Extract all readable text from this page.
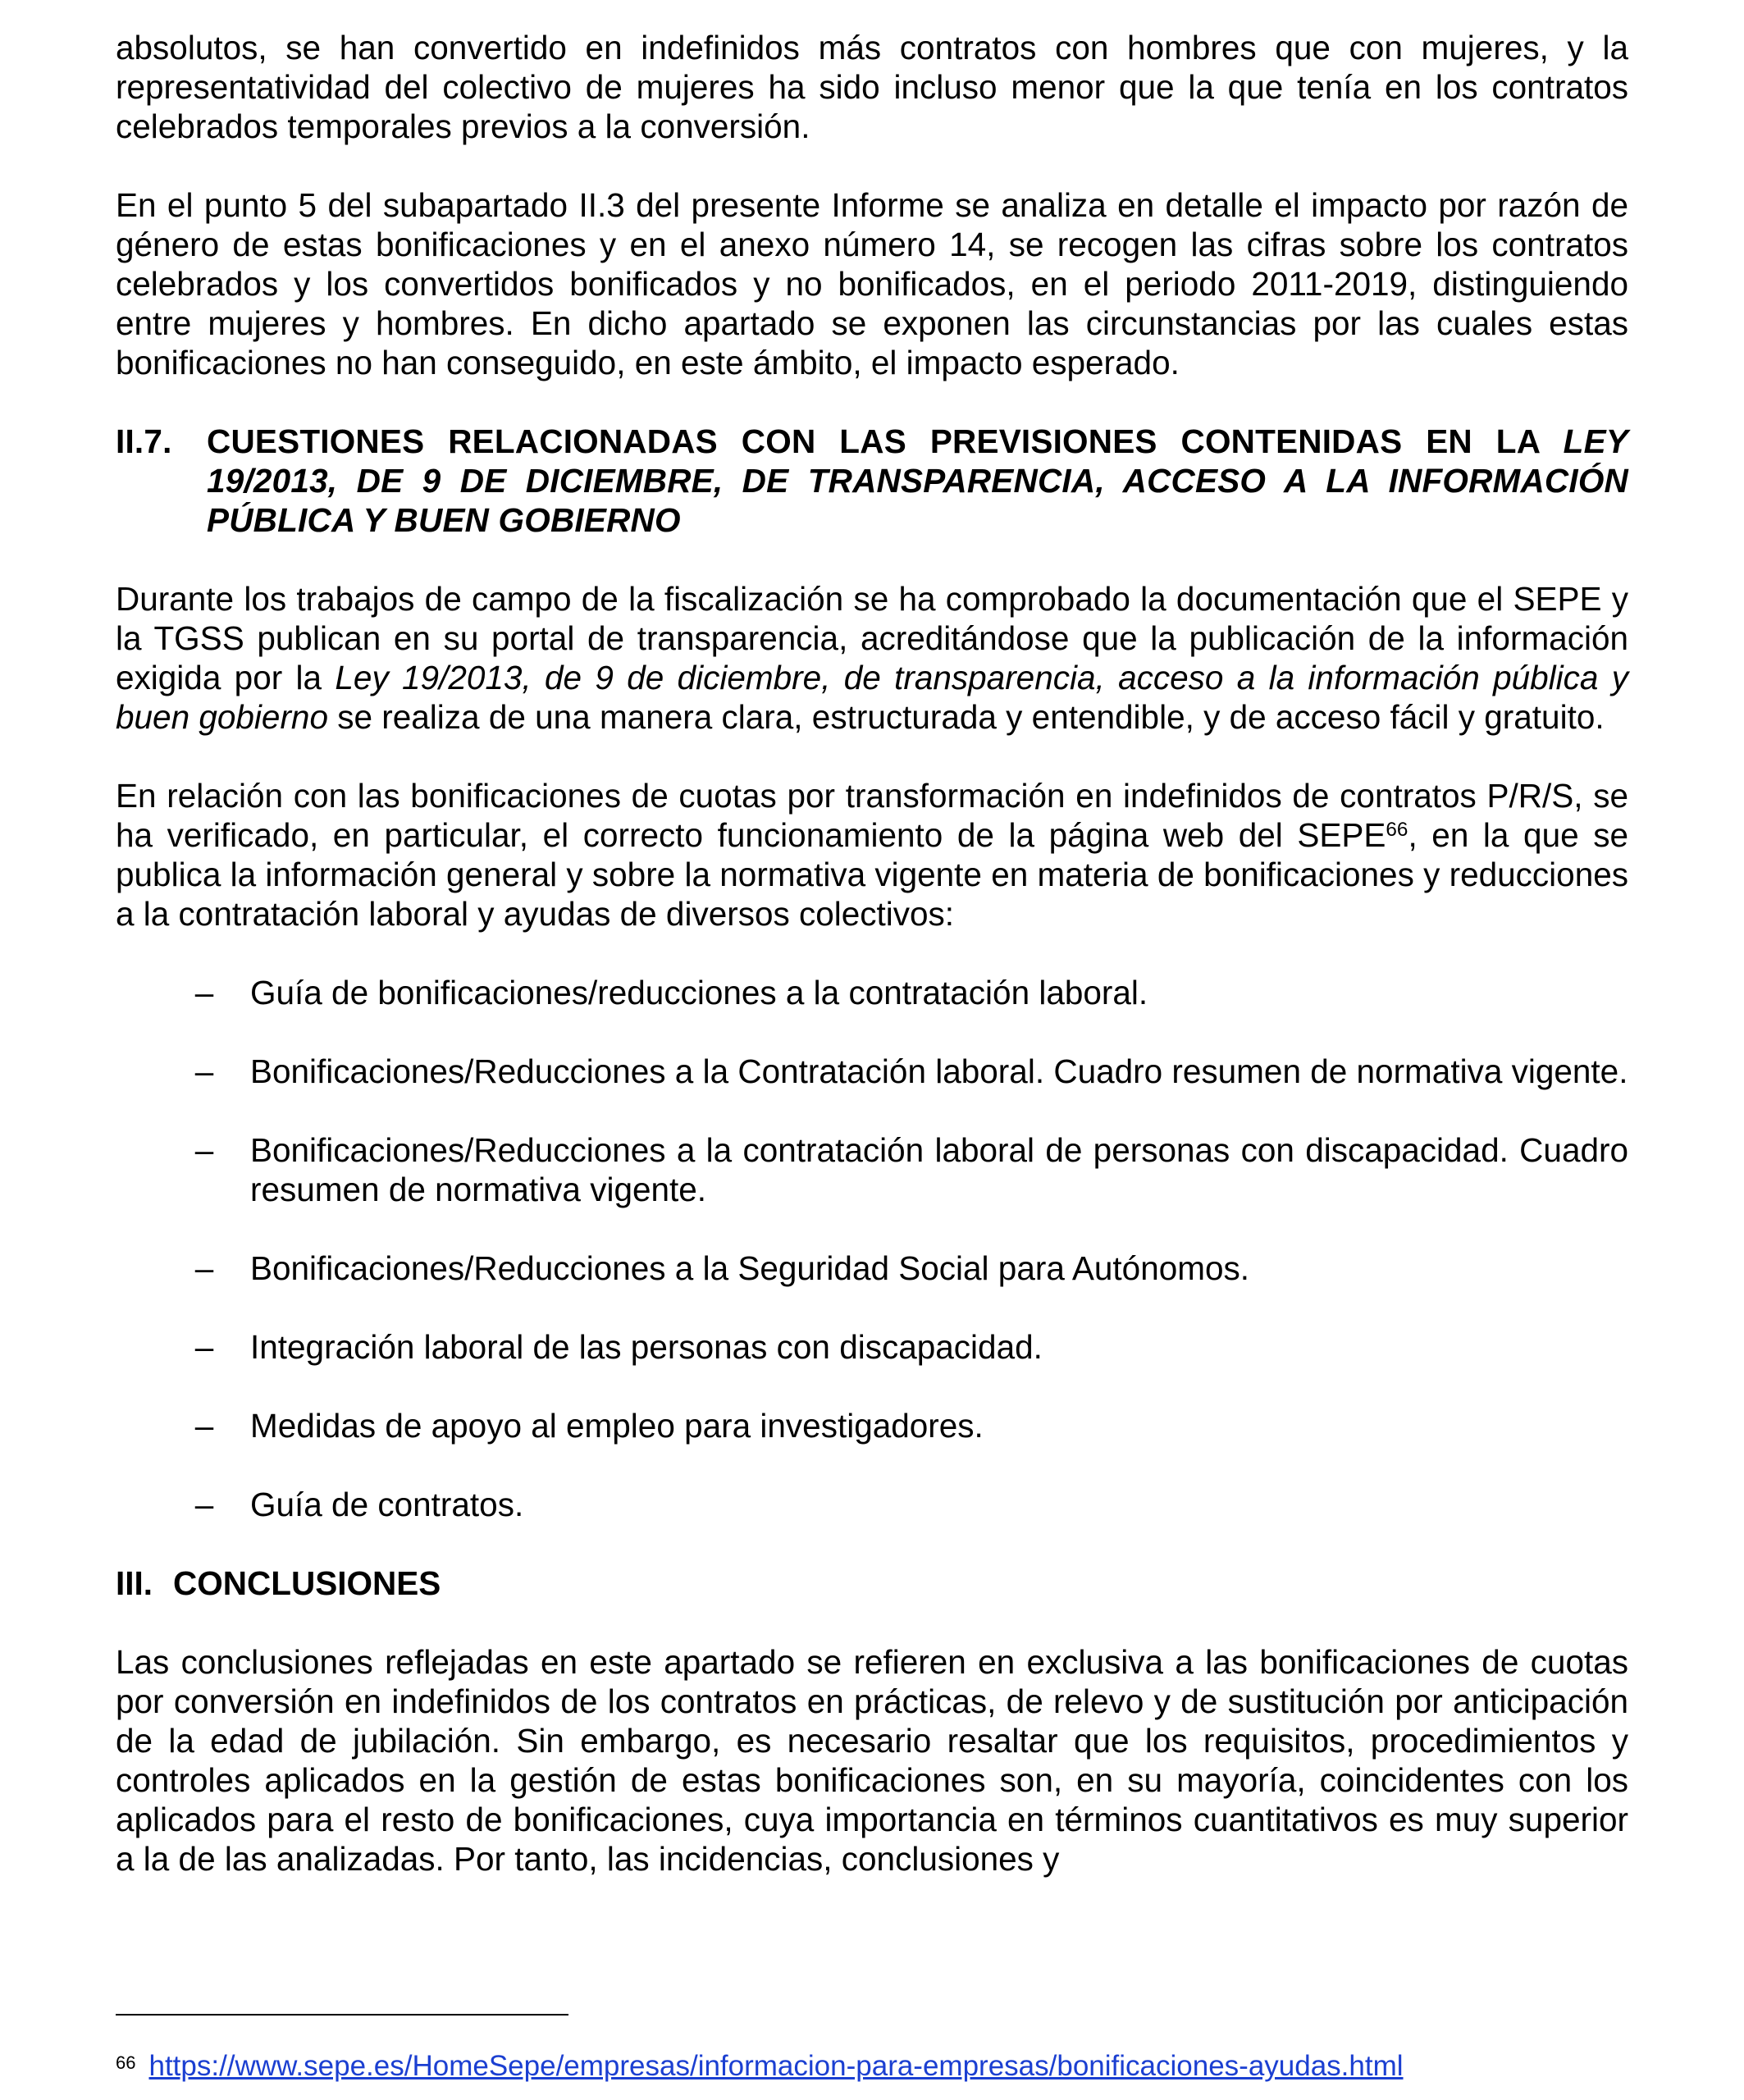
absolutos, se han convertido en indefinidos más contratos con hombres que con mujeres, y la representatividad del colectivo de mujeres ha sido incluso menor que la que tenía en los contratos celebrados temporales previos a la conversión.

En el punto 5 del subapartado II.3 del presente Informe se analiza en detalle el impacto por razón de género de estas bonificaciones y en el anexo número 14, se recogen las cifras sobre los contratos celebrados y los convertidos bonificados y no bonificados, en el periodo 2011-2019, distinguiendo entre mujeres y hombres. En dicho apartado se exponen las circunstancias por las cuales estas bonificaciones no han conseguido, en este ámbito, el impacto esperado.

II.7. CUESTIONES RELACIONADAS CON LAS PREVISIONES CONTENIDAS EN LA LEY 19/2013, DE 9 DE DICIEMBRE, DE TRANSPARENCIA, ACCESO A LA INFORMACIÓN PÚBLICA Y BUEN GOBIERNO

Durante los trabajos de campo de la fiscalización se ha comprobado la documentación que el SEPE y la TGSS publican en su portal de transparencia, acreditándose que la publicación de la información exigida por la Ley 19/2013, de 9 de diciembre, de transparencia, acceso a la información pública y buen gobierno se realiza de una manera clara, estructurada y entendible, y de acceso fácil y gratuito.

En relación con las bonificaciones de cuotas por transformación en indefinidos de contratos P/R/S, se ha verificado, en particular, el correcto funcionamiento de la página web del SEPE$^{66}$, en la que se publica la información general y sobre la normativa vigente en materia de bonificaciones y reducciones a la contratación laboral y ayudas de diversos colectivos:

– Guía de bonificaciones/reducciones a la contratación laboral.
– Bonificaciones/Reducciones a la Contratación laboral. Cuadro resumen de normativa vigente.
– Bonificaciones/Reducciones a la contratación laboral de personas con discapacidad. Cuadro resumen de normativa vigente.
– Bonificaciones/Reducciones a la Seguridad Social para Autónomos.
– Integración laboral de las personas con discapacidad.
– Medidas de apoyo al empleo para investigadores.
– Guía de contratos.
III. CONCLUSIONES

Las conclusiones reflejadas en este apartado se refieren en exclusiva a las bonificaciones de cuotas por conversión en indefinidos de los contratos en prácticas, de relevo y de sustitución por anticipación de la edad de jubilación. Sin embargo, es necesario resaltar que los requisitos, procedimientos y controles aplicados en la gestión de estas bonificaciones son, en su mayoría, coincidentes con los aplicados para el resto de bonificaciones, cuya importancia en términos cuantitativos es muy superior a la de las analizadas. Por tanto, las incidencias, conclusiones y

$^{66}$ https://www.sepe.es/HomeSepe/empresas/informacion-para-empresas/bonificaciones-ayudas.html
